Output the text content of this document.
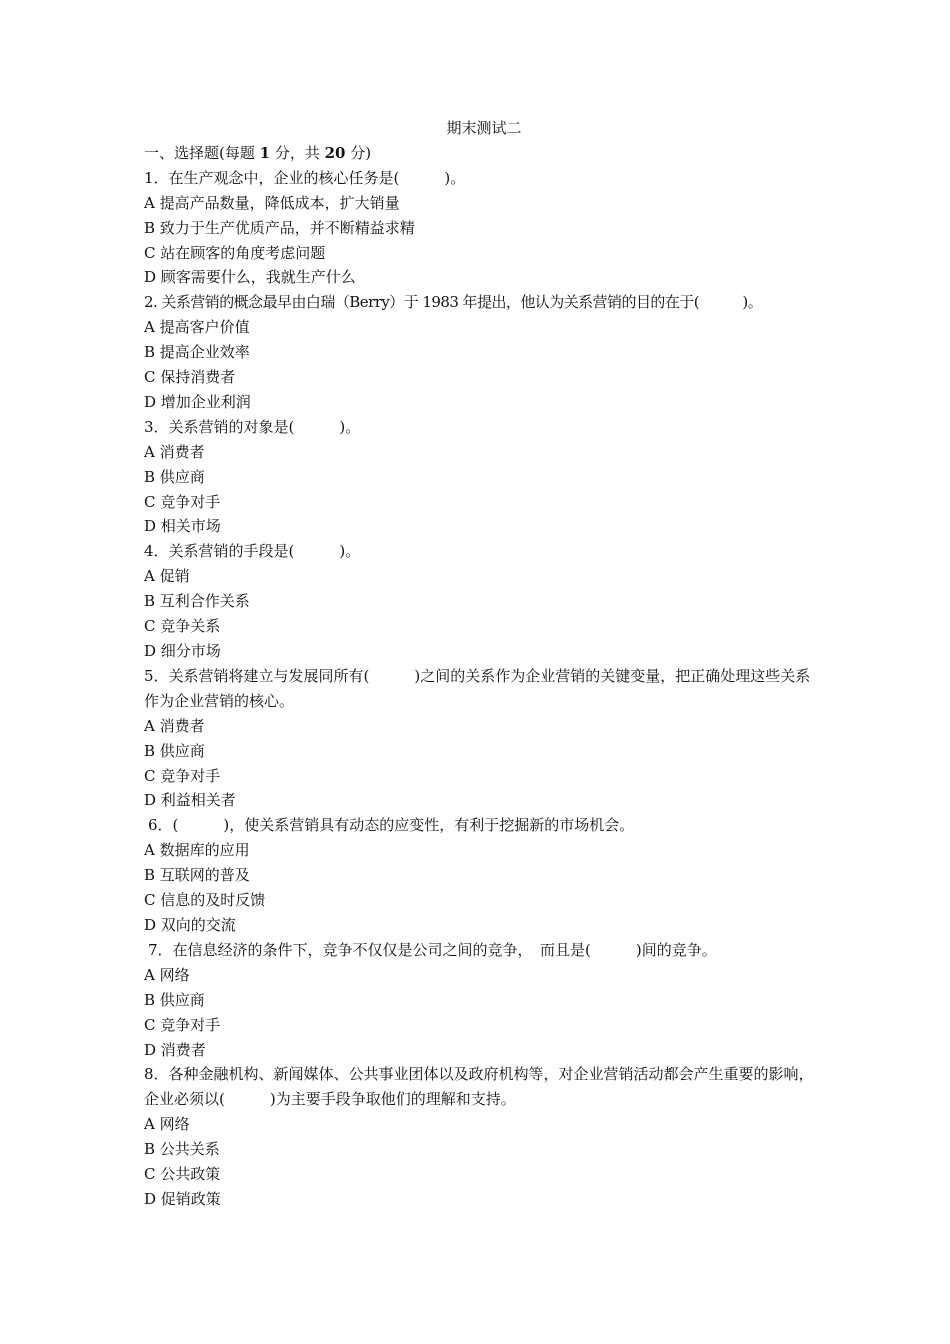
期末测试二
一、选择题(每题 1 分，共 20 分)
1．在生产观念中，企业的核心任务是(　　　)。
A 提高产品数量，降低成本，扩大销量
B 致力于生产优质产品，并不断精益求精
C 站在顾客的角度考虑问题
D 顾客需要什么，我就生产什么
2. 关系营销的概念最早由白瑞（Berry）于 1983 年提出，他认为关系营销的目的在于(　　　)。
A 提高客户价值
B 提高企业效率
C 保持消费者
D 增加企业利润
3．关系营销的对象是(　　　)。
A 消费者
B 供应商
C 竞争对手
D 相关市场
4．关系营销的手段是(　　　)。
A 促销
B 互利合作关系
C 竞争关系
D 细分市场
5．关系营销将建立与发展同所有(　　　)之间的关系作为企业营销的关键变量，把正确处理这些关系作为企业营销的核心。
A 消费者
B 供应商
C 竞争对手
D 利益相关者
6．(　　　)，使关系营销具有动态的应变性，有利于挖掘新的市场机会。
A 数据库的应用
B 互联网的普及
C 信息的及时反馈
D 双向的交流
7．在信息经济的条件下，竞争不仅仅是公司之间的竞争，　而且是(　　　)间的竞争。
A 网络
B 供应商
C 竞争对手
D 消费者
8．各种金融机构、新闻媒体、公共事业团体以及政府机构等，对企业营销活动都会产生重要的影响，企业必须以(　　　)为主要手段争取他们的理解和支持。
A 网络
B 公共关系
C 公共政策
D 促销政策
